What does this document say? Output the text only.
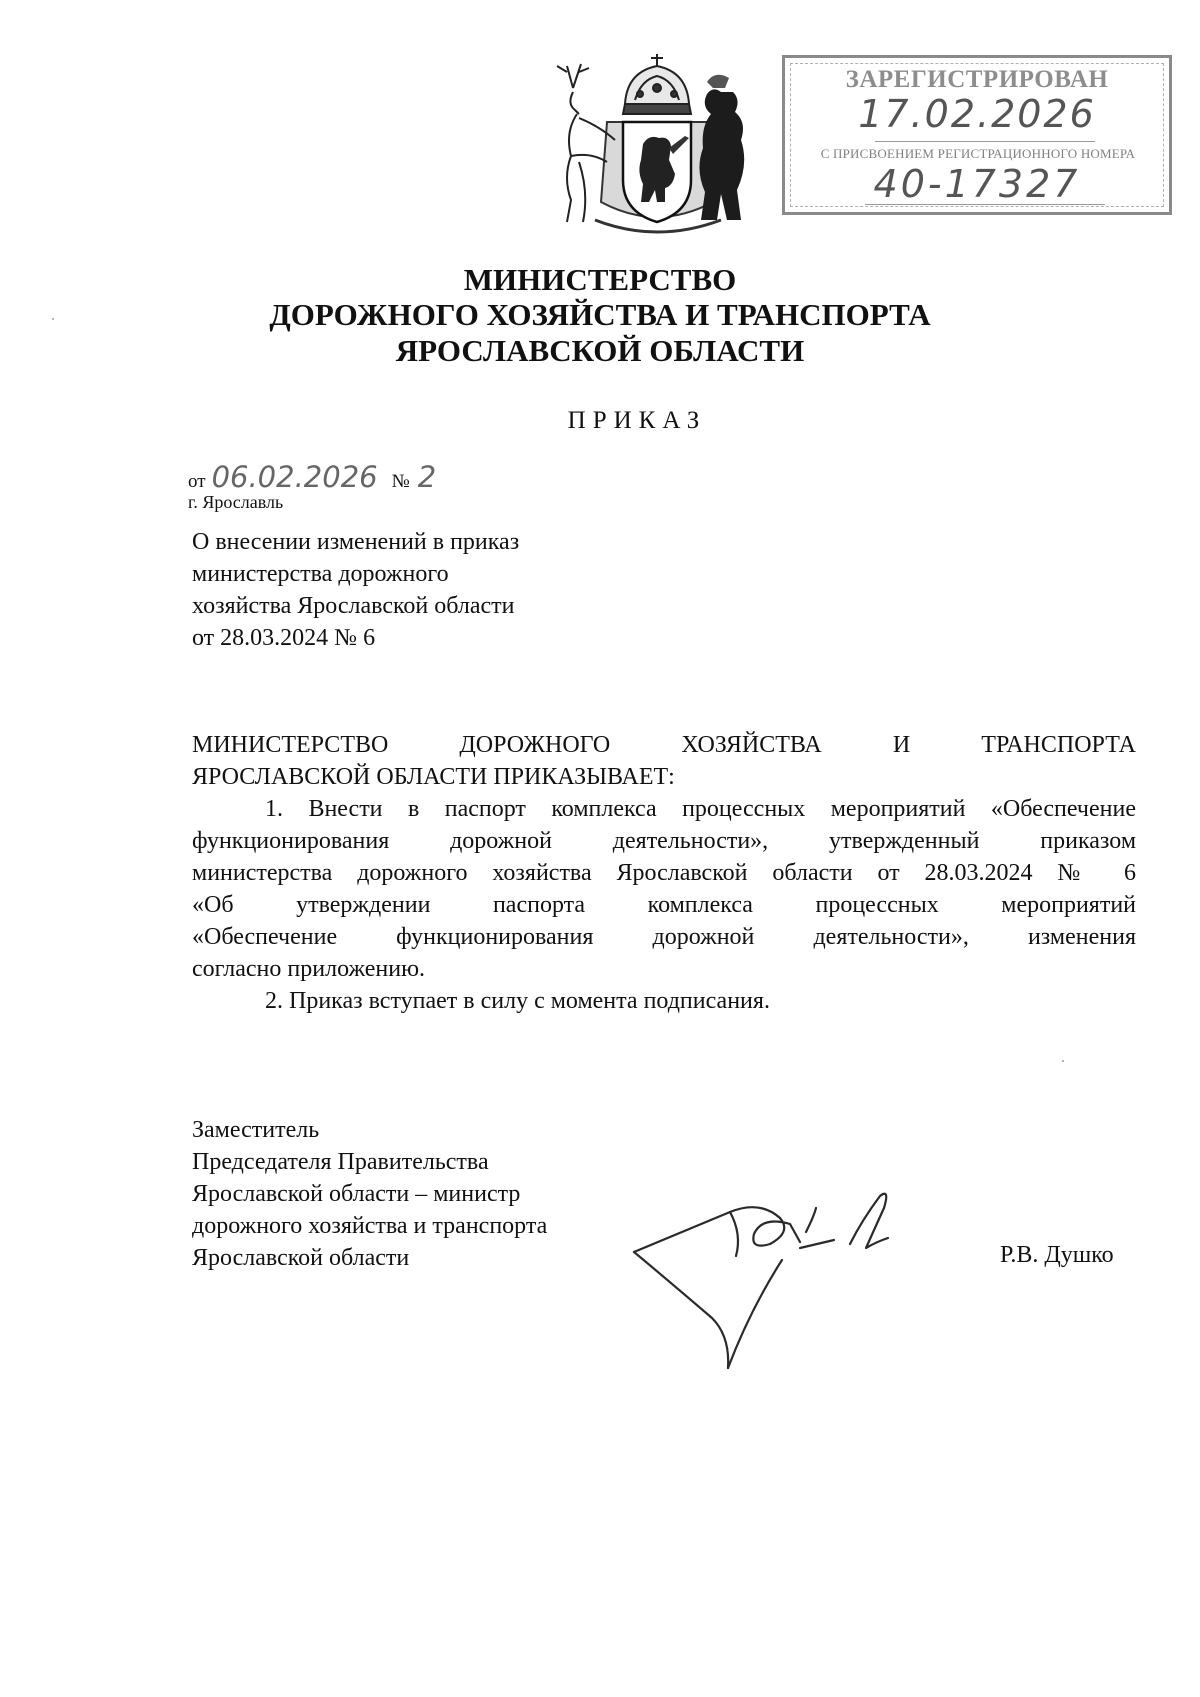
ЗАРЕГИСТРИРОВАН
17.02.2026
С ПРИСВОЕНИЕМ РЕГИСТРАЦИОННОГО НОМЕРА
40-17327
МИНИСТЕРСТВО
ДОРОЖНОГО ХОЗЯЙСТВА И ТРАНСПОРТА
ЯРОСЛАВСКОЙ ОБЛАСТИ
ПРИКАЗ
от 06.02.2026 № 2
г. Ярославль
О внесении изменений в приказ
министерства дорожного
хозяйства Ярославской области
от 28.03.2024 № 6
МИНИСТЕРСТВО ДОРОЖНОГО ХОЗЯЙСТВА И ТРАНСПОРТА
ЯРОСЛАВСКОЙ ОБЛАСТИ ПРИКАЗЫВАЕТ:
1. Внести в паспорт комплекса процессных мероприятий «Обеспечение
функционирования дорожной деятельности», утвержденный приказом
министерства дорожного хозяйства Ярославской области от 28.03.2024 № 6
«Об утверждении паспорта комплекса процессных мероприятий
«Обеспечение функционирования дорожной деятельности», изменения
согласно приложению.
2. Приказ вступает в силу с момента подписания.
Заместитель
Председателя Правительства
Ярославской области – министр
дорожного хозяйства и транспорта
Ярославской области	Р.В. Душко
